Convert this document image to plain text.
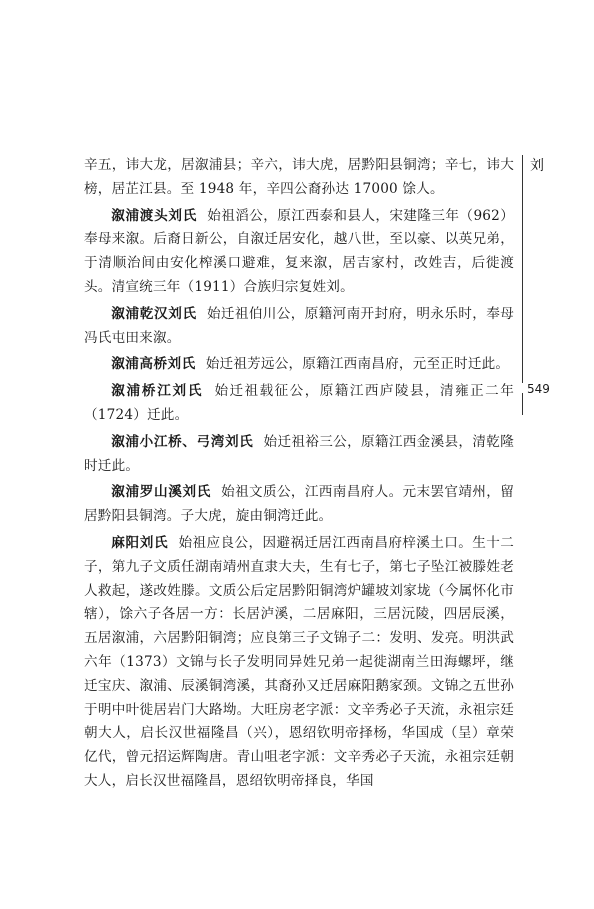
刘
549

辛五，讳大龙，居溆浦县；辛六，讳大虎，居黔阳县铜湾；辛七，讳大榜，居芷江县。至 1948 年，辛四公裔孙达 17000 馀人。

溆浦渡头刘氏 始祖滔公，原江西泰和县人，宋建隆三年（962）奉母来溆。后裔日新公，自溆迁居安化，越八世，至以豪、以英兄弟，于清顺治间由安化榨溪口避难，复来溆，居吉家村，改姓吉，后徙渡头。清宣统三年（1911）合族归宗复姓刘。

溆浦乾汉刘氏 始迁祖伯川公，原籍河南开封府，明永乐时，奉母冯氏屯田来溆。

溆浦高桥刘氏 始迁祖芳远公，原籍江西南昌府，元至正时迁此。

溆浦桥江刘氏 始迁祖载征公，原籍江西庐陵县，清雍正二年（1724）迁此。

溆浦小江桥、弓湾刘氏 始迁祖裕三公，原籍江西金溪县，清乾隆时迁此。

溆浦罗山溪刘氏 始祖文质公，江西南昌府人。元末罢官靖州，留居黔阳县铜湾。子大虎，旋由铜湾迁此。

麻阳刘氏 始祖应良公，因避祸迁居江西南昌府梓溪土口。生十二子，第九子文质任湖南靖州直隶大夫，生有七子，第七子坠江被滕姓老人救起，遂改姓滕。文质公后定居黔阳铜湾炉罐坡刘家垅（今属怀化市辖），馀六子各居一方：长居泸溪，二居麻阳，三居沅陵，四居辰溪，五居溆浦，六居黔阳铜湾；应良第三子文锦子二：发明、发亮。明洪武六年（1373）文锦与长子发明同异姓兄弟一起徙湖南兰田海螺坪，继迁宝庆、溆浦、辰溪铜湾溪，其裔孙又迁居麻阳鹅家颈。文锦之五世孙于明中叶徙居岩门大路坳。大旺房老字派：文辛秀必子天流，永祖宗廷朝大人，启长汉世福隆昌（兴），恩绍钦明帝择杨，华国成（呈）章荣亿代，曾元招运辉陶唐。青山咀老字派：文辛秀必子天流，永祖宗廷朝大人，启长汉世福隆昌，恩绍钦明帝择良，华国
